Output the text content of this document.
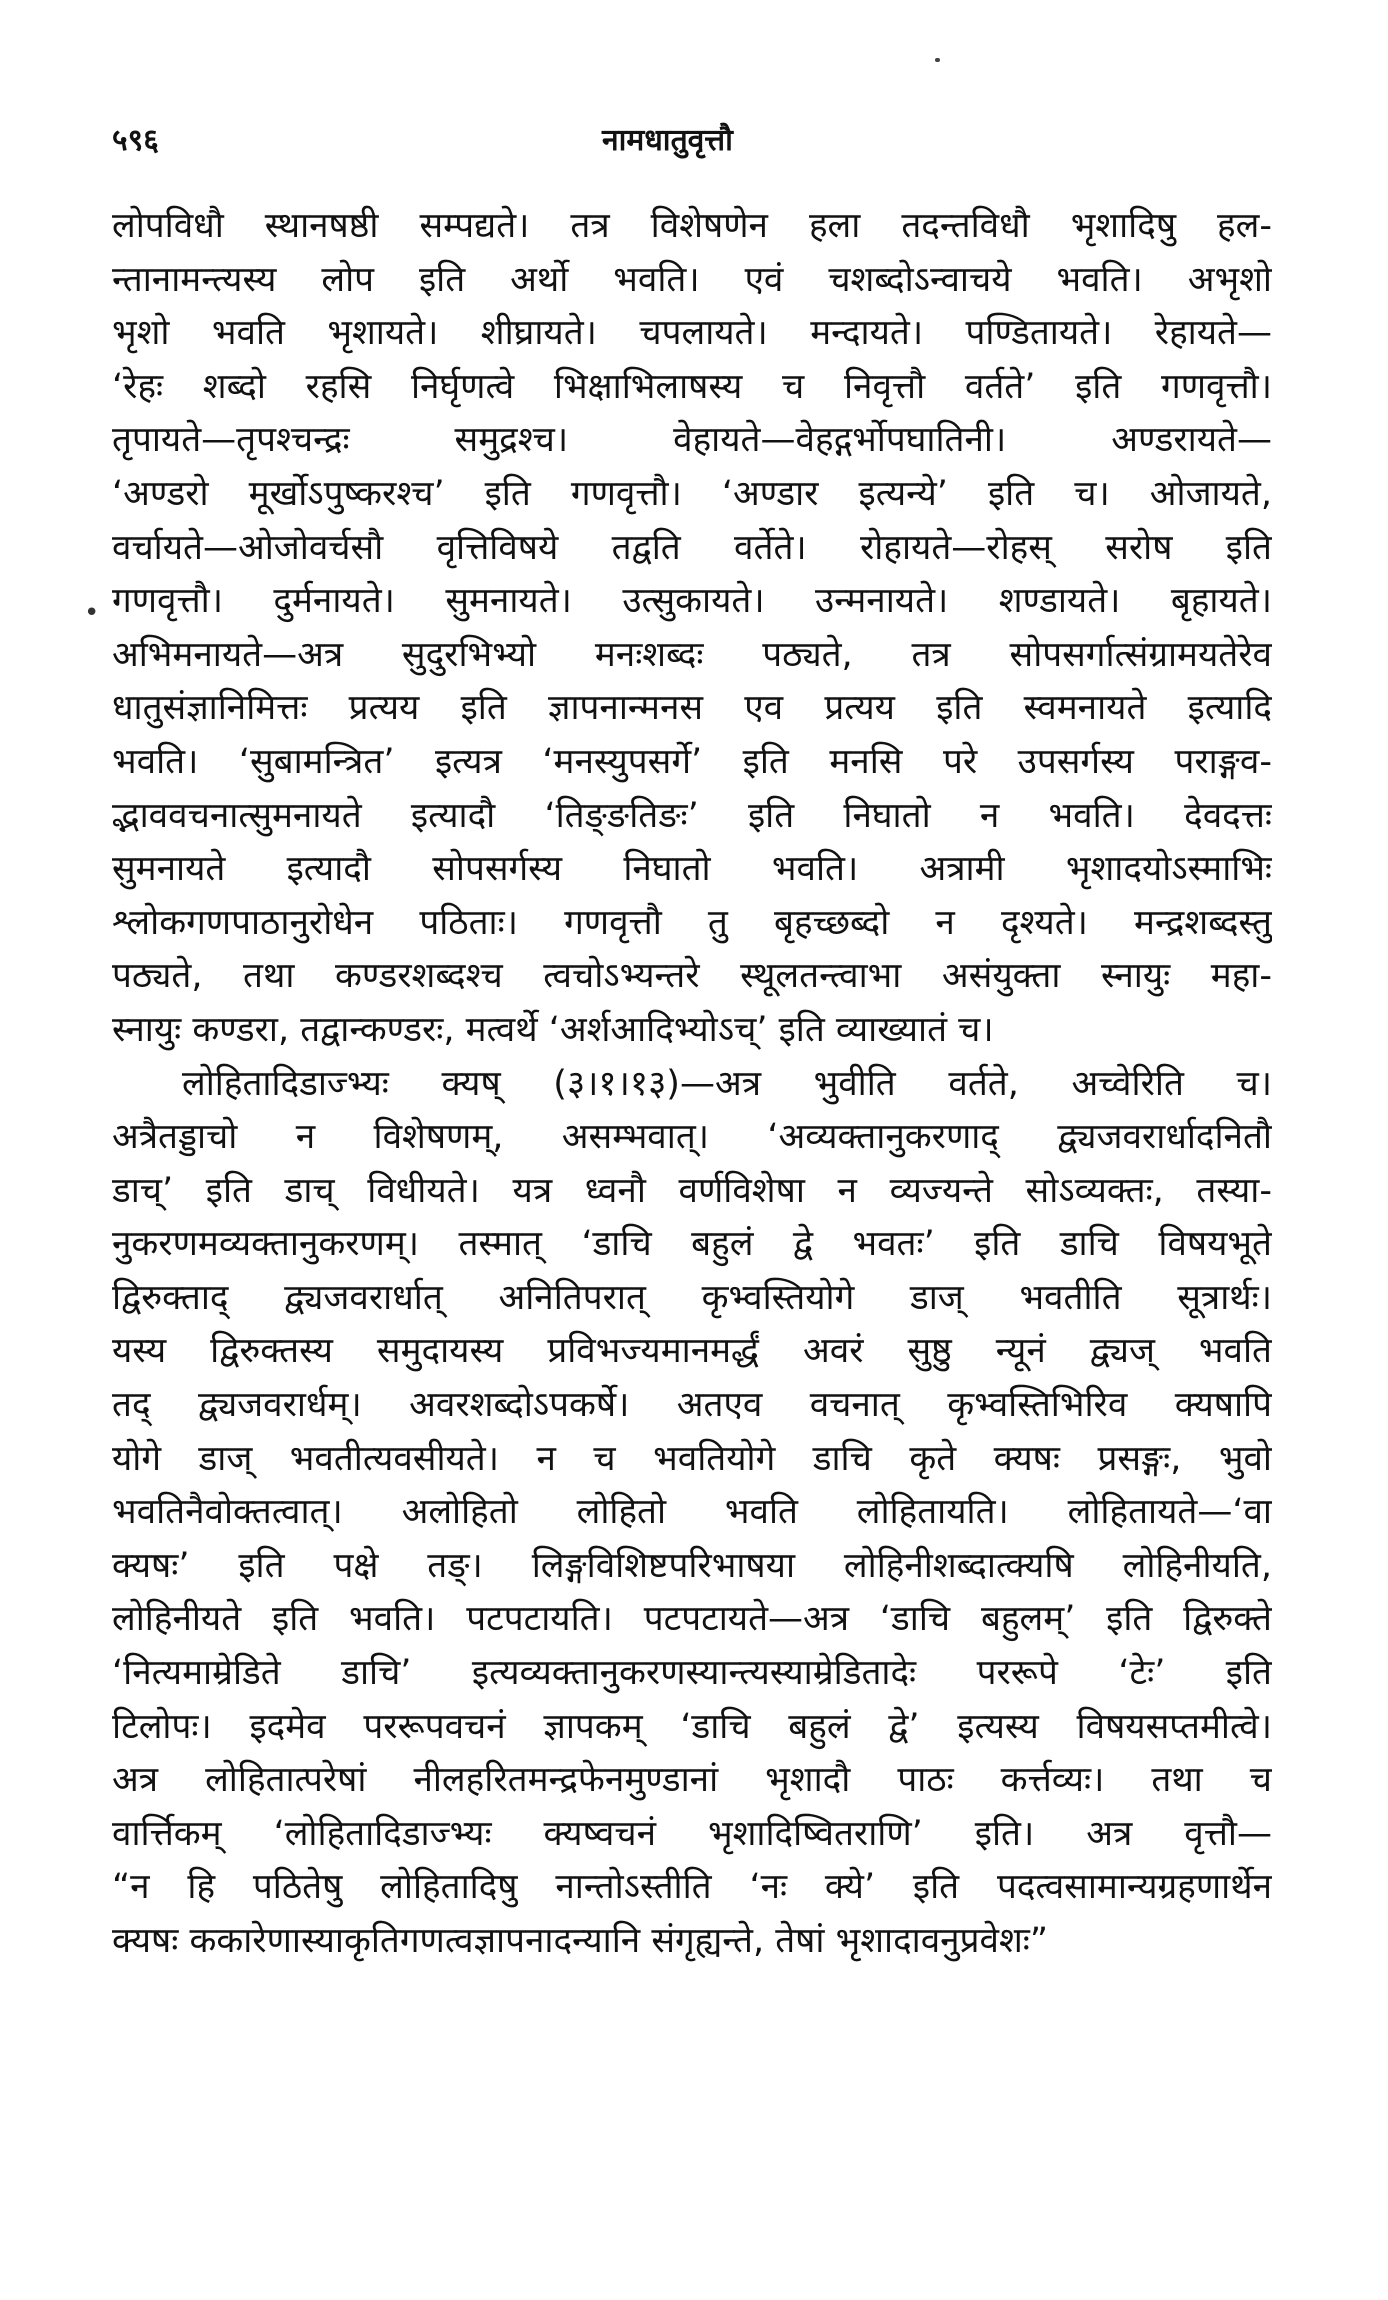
५९६	नामधातुवृत्तौ
•
लोपविधौ स्थानषष्ठी सम्पद्यते। तत्र विशेषणेन हला तदन्तविधौ भृशादिषु हल-
न्तानामन्त्यस्य लोप इति अर्थो भवति। एवं चशब्दोऽन्वाचये भवति। अभृशो
भृशो भवति भृशायते। शीघ्रायते। चपलायते। मन्दायते। पण्डितायते। रेहायते—
‘रेहः शब्दो रहसि निर्घृणत्वे भिक्षाभिलाषस्य च निवृत्तौ वर्तते’ इति गणवृत्तौ।
तृपायते—तृपश्चन्द्रः समुद्रश्च। वेहायते—वेहद्गर्भोपघातिनी। अण्डरायते—
‘अण्डरो मूर्खोऽपुष्करश्च’ इति गणवृत्तौ। ‘अण्डार इत्यन्ये’ इति च। ओजायते,
वर्चायते—ओजोवर्चसौ वृत्तिविषये तद्वति वर्तेते। रोहायते—रोहस् सरोष इति
गणवृत्तौ। दुर्मनायते। सुमनायते। उत्सुकायते। उन्मनायते। शण्डायते। बृहायते।
अभिमनायते—अत्र सुदुरभिभ्यो मनःशब्दः पठ्यते, तत्र सोपसर्गात्संग्रामयतेरेव
धातुसंज्ञानिमित्तः प्रत्यय इति ज्ञापनान्मनस एव प्रत्यय इति स्वमनायते इत्यादि
भवति। ‘सुबामन्त्रित’ इत्यत्र ‘मनस्युपसर्गे’ इति मनसि परे उपसर्गस्य पराङ्गव-
द्भाववचनात्सुमनायते इत्यादौ ‘तिङ्ङतिङः’ इति निघातो न भवति। देवदत्तः
सुमनायते इत्यादौ सोपसर्गस्य निघातो भवति। अत्रामी भृशादयोऽस्माभिः
श्लोकगणपाठानुरोधेन पठिताः। गणवृत्तौ तु बृहच्छब्दो न दृश्यते। मन्द्रशब्दस्तु
पठ्यते, तथा कण्डरशब्दश्च त्वचोऽभ्यन्तरे स्थूलतन्त्वाभा असंयुक्ता स्नायुः महा-
स्नायुः कण्डरा, तद्वान्कण्डरः, मत्वर्थे ‘अर्शआदिभ्योऽच्’ इति व्याख्यातं च।
लोहितादिडाज्भ्यः क्यष् (३।१।१३)—अत्र भुवीति वर्तते, अच्वेरिति च।
अत्रैतड्डाचो न विशेषणम्, असम्भवात्। ‘अव्यक्तानुकरणाद् द्व्यजवरार्धादनितौ
डाच्’ इति डाच् विधीयते। यत्र ध्वनौ वर्णविशेषा न व्यज्यन्ते सोऽव्यक्तः, तस्या-
नुकरणमव्यक्तानुकरणम्। तस्मात् ‘डाचि बहुलं द्वे भवतः’ इति डाचि विषयभूते
द्विरुक्ताद् द्व्यजवरार्धात् अनितिपरात् कृभ्वस्तियोगे डाज् भवतीति सूत्रार्थः।
यस्य द्विरुक्तस्य समुदायस्य प्रविभज्यमानमर्द्धं अवरं सुष्ठु न्यूनं द्व्यज् भवति
तद् द्व्यजवरार्धम्। अवरशब्दोऽपकर्षे। अतएव वचनात् कृभ्वस्तिभिरिव क्यषापि
योगे डाज् भवतीत्यवसीयते। न च भवतियोगे डाचि कृते क्यषः प्रसङ्गः, भुवो
भवतिनैवोक्तत्वात्। अलोहितो लोहितो भवति लोहितायति। लोहितायते—‘वा
क्यषः’ इति पक्षे तङ्। लिङ्गविशिष्टपरिभाषया लोहिनीशब्दात्क्यषि लोहिनीयति,
लोहिनीयते इति भवति। पटपटायति। पटपटायते—अत्र ‘डाचि बहुलम्’ इति द्विरुक्ते
‘नित्यमाम्रेडिते डाचि’ इत्यव्यक्तानुकरणस्यान्त्यस्याम्रेडितादेः पररूपे ‘टेः’ इति
टिलोपः। इदमेव पररूपवचनं ज्ञापकम् ‘डाचि बहुलं द्वे’ इत्यस्य विषयसप्तमीत्वे।
अत्र लोहितात्परेषां नीलहरितमन्द्रफेनमुण्डानां भृशादौ पाठः कर्त्तव्यः। तथा च
वार्त्तिकम् ‘लोहितादिडाज्भ्यः क्यष्वचनं भृशादिष्वितराणि’ इति। अत्र वृत्तौ—
“न हि पठितेषु लोहितादिषु नान्तोऽस्तीति ‘नः क्ये’ इति पदत्वसामान्यग्रहणार्थेन
क्यषः ककारेणास्याकृतिगणत्वज्ञापनादन्यानि संगृह्यन्ते, तेषां भृशादावनुप्रवेशः”
